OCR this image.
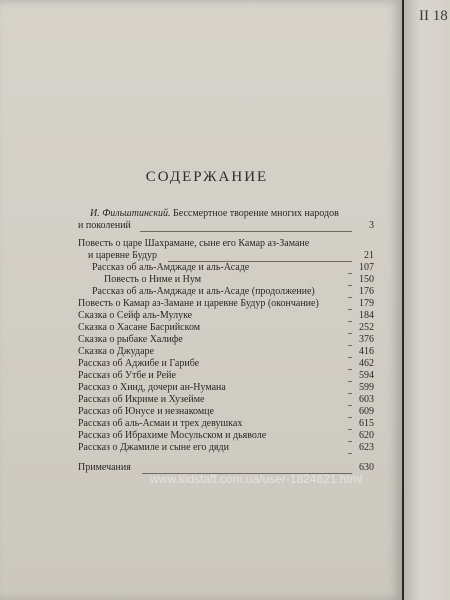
II 18
СОДЕРЖАНИЕ
И. Фильштинский. Бессмертное творение многих народов
и поколений	3
Повесть о царе Шахрамане, сыне его Камар аз-Замане
и царевне Будур	21
Рассказ об аль-Амджаде и аль-Асаде	107
Повесть о Ниме и Нум	150
Рассказ об аль-Амджаде и аль-Асаде (продолжение)	176
Повесть о Камар аз-Замане и царевне Будур (окончание)	179
Сказка о Сейф аль-Мулуке	184
Сказка о Хасане Басрийском	252
Сказка о рыбаке Халифе	376
Сказка о Джударе	416
Рассказ об Аджибе и Гарибе	462
Рассказ об Утбе и Рейе	594
Рассказ о Хинд, дочери ан-Нумана	599
Рассказ об Икриме и Хузейме	603
Рассказ об Юнусе и незнакомце	609
Рассказ об аль-Асмаи и трех девушках	615
Рассказ об Ибрахиме Мосульском и дьяволе	620
Рассказ о Джамиле и сыне его дяди	623
Примечания	630
www.kidstaff.com.ua/user-1824621.html
